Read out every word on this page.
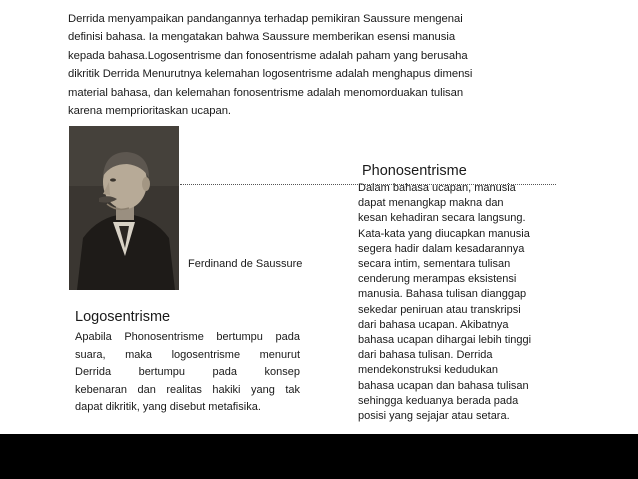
Derrida menyampaikan pandangannya terhadap pemikiran Saussure mengenai
definisi bahasa. Ia mengatakan bahwa Saussure memberikan esensi manusia
kepada bahasa.Logosentrisme dan fonosentrisme adalah paham yang berusaha
dikritik Derrida Menurutnya kelemahan logosentrisme adalah menghapus dimensi
material bahasa, dan kelemahan fonosentrisme adalah menomorduakan tulisan
karena memprioritaskan ucapan.
Ferdinand de Saussure
Phonosentrisme
Dalam bahasa ucapan, manusia
dapat menangkap makna dan
kesan kehadiran secara langsung.
Kata-kata yang diucapkan manusia
segera hadir dalam kesadarannya
secara intim, sementara tulisan
cenderung merampas eksistensi
manusia. Bahasa tulisan dianggap
sekedar peniruan atau transkripsi
dari bahasa ucapan. Akibatnya
bahasa ucapan dihargai lebih tinggi
dari bahasa tulisan. Derrida
mendekonstruksi kedudukan
bahasa ucapan dan bahasa tulisan
sehingga keduanya berada pada
posisi yang sejajar atau setara.
Logosentrisme
Apabila Phonosentrisme bertumpu pada
suara, maka logosentrisme menurut
Derrida bertumpu pada konsep
kebenaran dan realitas hakiki yang tak
dapat dikritik, yang disebut metafisika.
